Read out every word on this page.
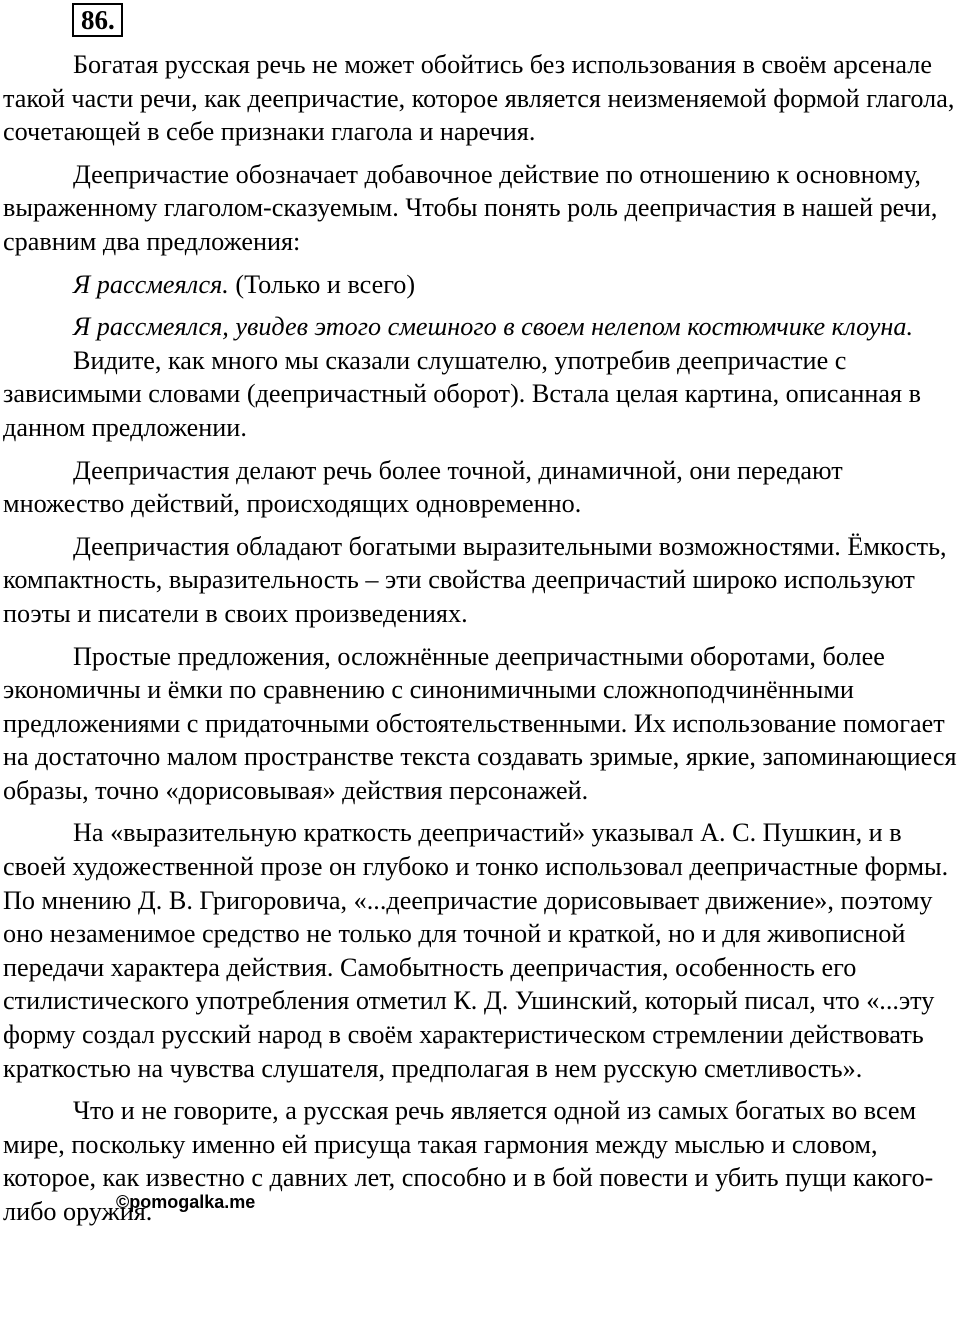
86.

Богатая русская речь не может обойтись без использования в своём арсенале такой части речи, как деепричастие, которое является неизменяемой формой глагола, сочетающей в себе признаки глагола и наречия.

Деепричастие обозначает добавочное действие по отношению к основному, выраженному глаголом-сказуемым. Чтобы понять роль деепричастия в нашей речи, сравним два предложения:

Я рассмеялся. (Только и всего)

Я рассмеялся, увидев этого смешного в своем нелепом костюмчике клоуна.

Видите, как много мы сказали слушателю, употребив деепричастие с зависимыми словами (деепричастный оборот). Встала целая картина, описанная в данном предложении.

Деепричастия делают речь более точной, динамичной, они передают множество действий, происходящих одновременно.

Деепричастия обладают богатыми выразительными возможностями. Ёмкость, компактность, выразительность – эти свойства деепричастий широко используют поэты и писатели в своих произведениях.

Простые предложения, осложнённые деепричастными оборотами, более экономичны и ёмки по сравнению с синонимичными сложноподчинёнными предложениями с придаточными обстоятельственными. Их использование помогает на достаточно малом пространстве текста создавать зримые, яркие, запоминающиеся образы, точно «дорисовывая» действия персонажей.

На «выразительную краткость деепричастий» указывал А. С. Пушкин, и в своей художественной прозе он глубоко и тонко использовал деепричастные формы. По мнению Д. В. Григоровича, «...деепричастие дорисовывает движение», поэтому оно незаменимое средство не только для точной и краткой, но и для живописной передачи характера действия. Самобытность деепричастия, особенность его стилистического употребления отметил К. Д. Ушинский, который писал, что «...эту форму создал русский народ в своём характеристическом стремлении действовать краткостью на чувства слушателя, предполагая в нем русскую сметливость».

Что и не говорите, а русская речь является одной из самых богатых во всем мире, поскольку именно ей присуща такая гармония между мыслью и словом, которое, как известно с давних лет, способно и в бой повести и убить пущи какого-либо оружия.

©pomogalka.me
